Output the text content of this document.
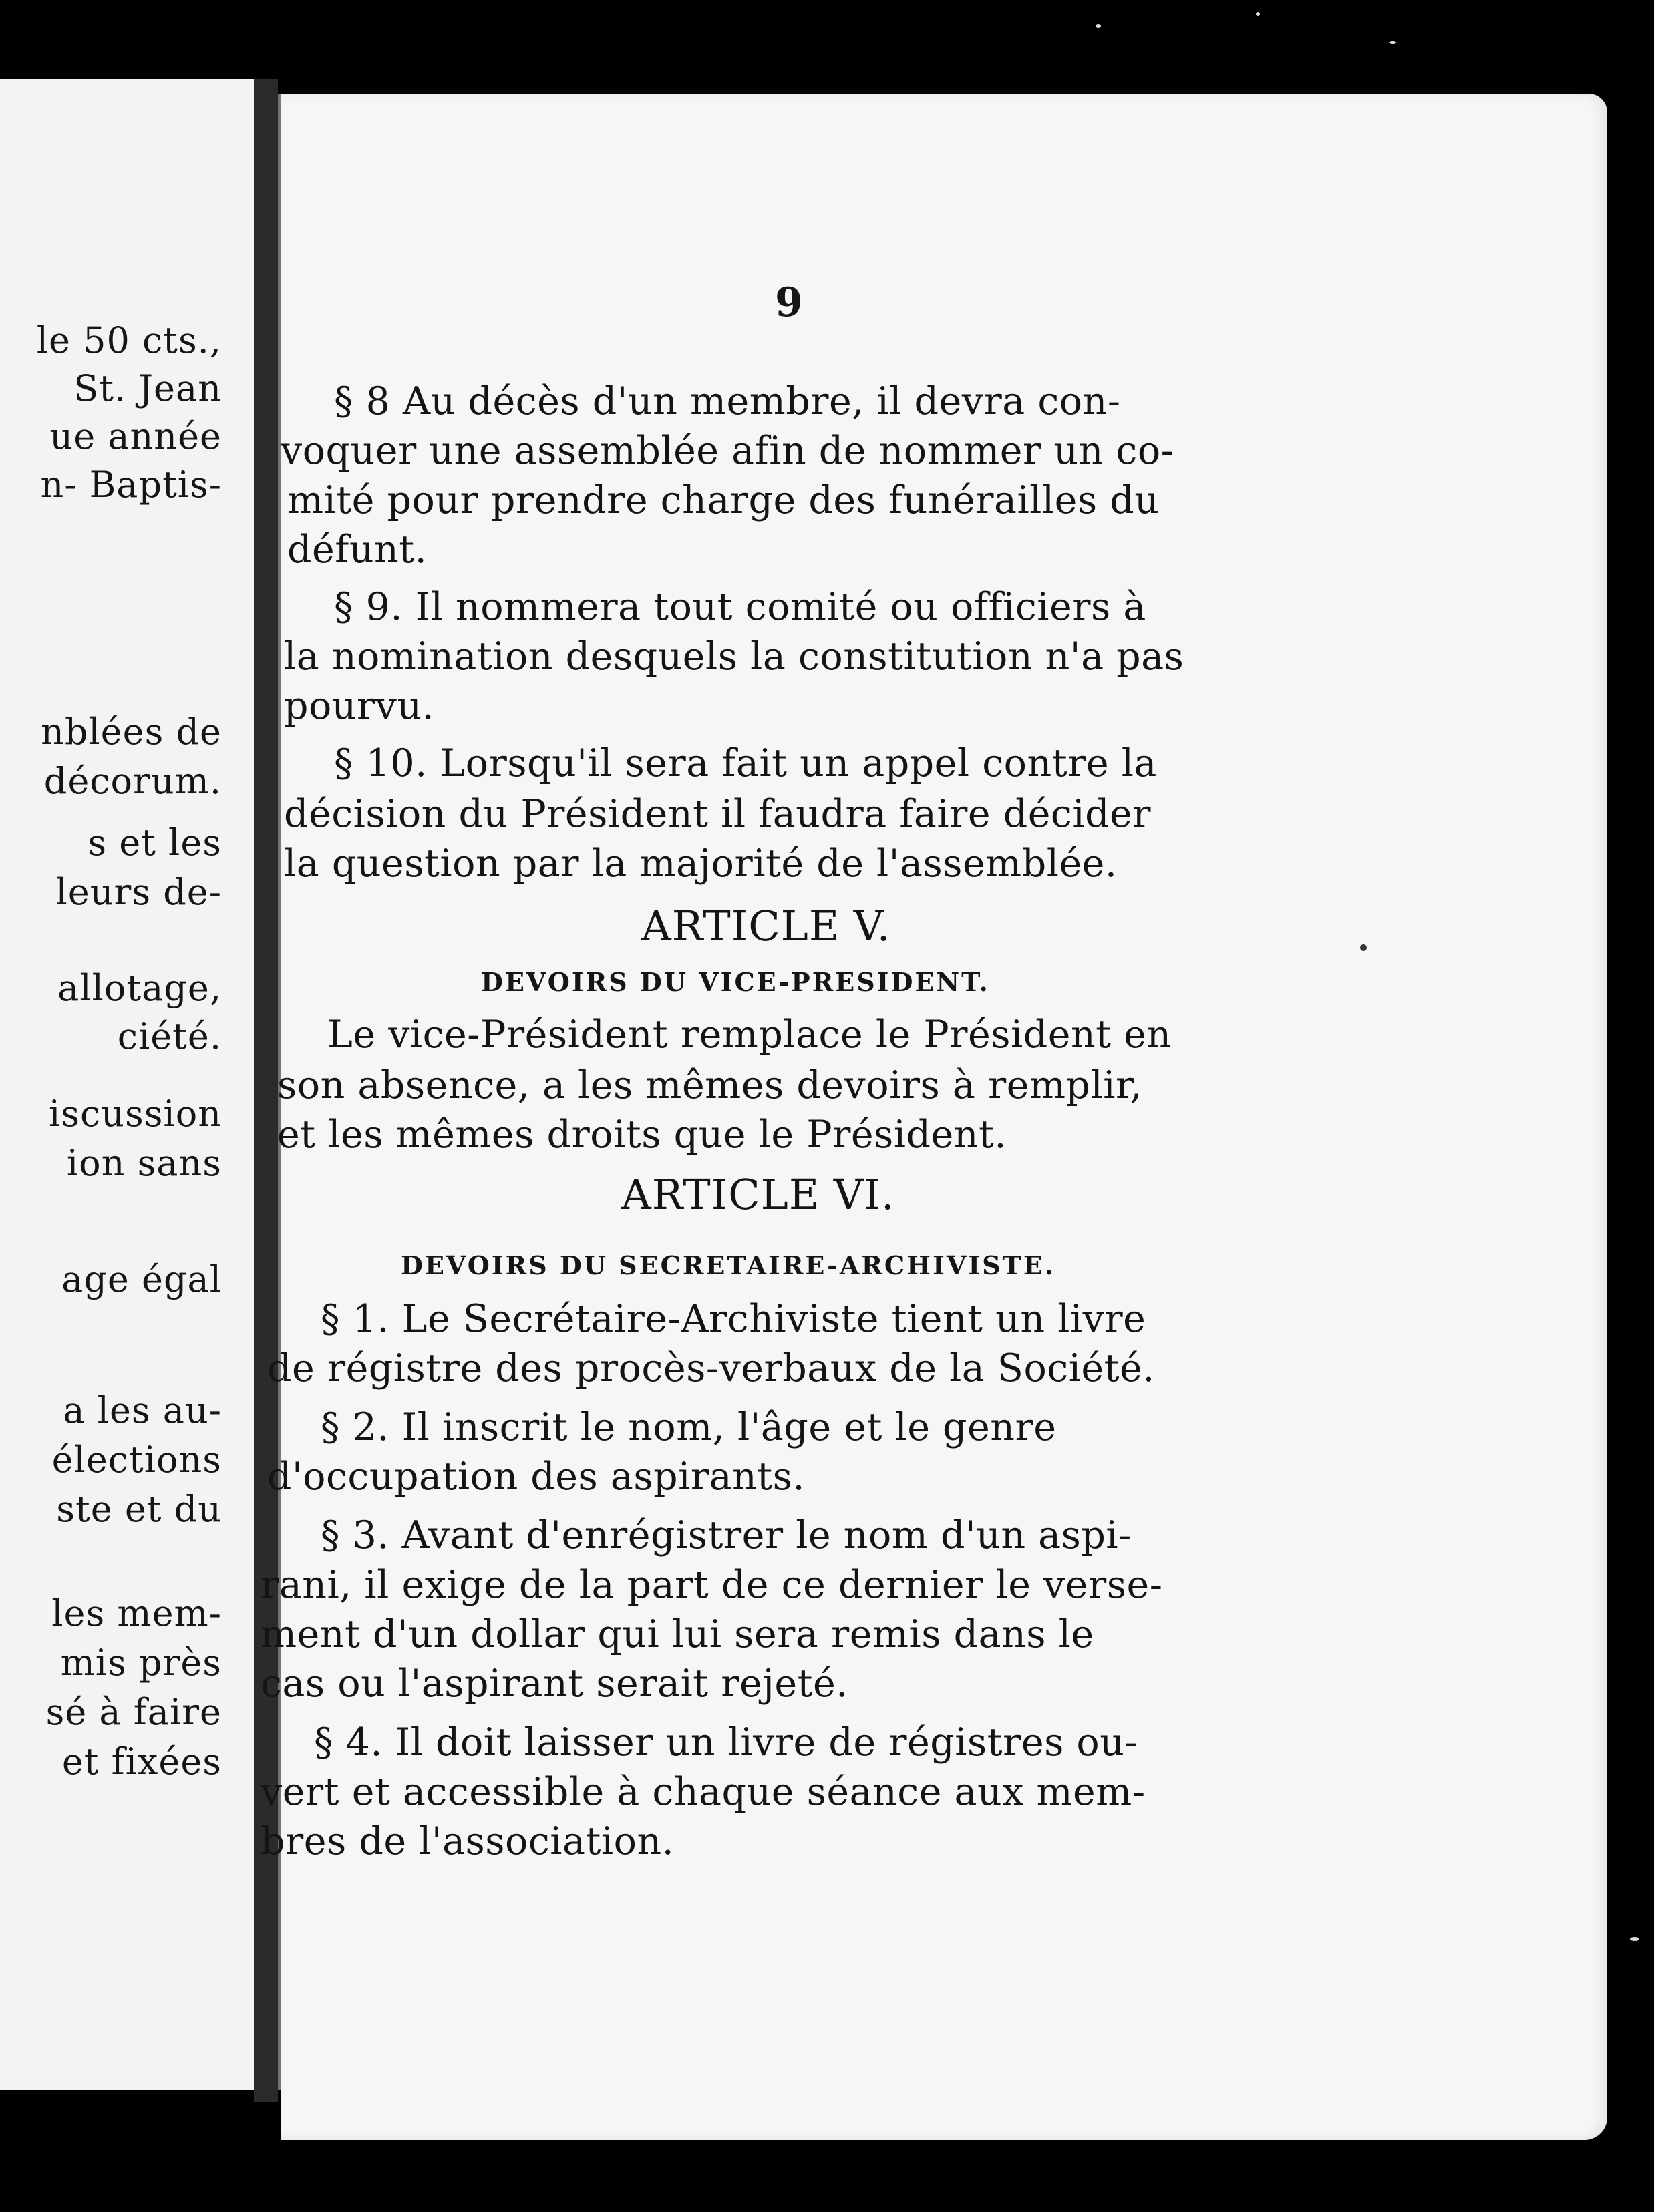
le 50 cts.,
St. Jean
ue année
n- Baptis-
nblées de
décorum.
s et les
leurs de-
allotage,
ciété.
iscussion
ion sans
age égal
a les au-
élections
ste et du
les mem-
mis près
sé à faire
et fixées
9
§ 8 Au décès d'un membre, il devra con-
voquer une assemblée afin de nommer un co-
mité pour prendre charge des funérailles du
défunt.
§ 9. Il nommera tout comité ou officiers à
la nomination desquels la constitution n'a pas
pourvu.
§ 10. Lorsqu'il sera fait un appel contre la
décision du Président il faudra faire décider
la question par la majorité de l'assemblée.
ARTICLE V.
DEVOIRS DU VICE-PRESIDENT.
Le vice-Président remplace le Président en
son absence, a les mêmes devoirs à remplir,
et les mêmes droits que le Président.
ARTICLE VI.
DEVOIRS DU SECRETAIRE-ARCHIVISTE.
§ 1. Le Secrétaire-Archiviste tient un livre
de régistre des procès-verbaux de la Société.
§ 2. Il inscrit le nom, l'âge et le genre
d'occupation des aspirants.
§ 3. Avant d'enrégistrer le nom d'un aspi-
rani, il exige de la part de ce dernier le verse-
ment d'un dollar qui lui sera remis dans le
cas ou l'aspirant serait rejeté.
§ 4. Il doit laisser un livre de régistres ou-
vert et accessible à chaque séance aux mem-
bres de l'association.
